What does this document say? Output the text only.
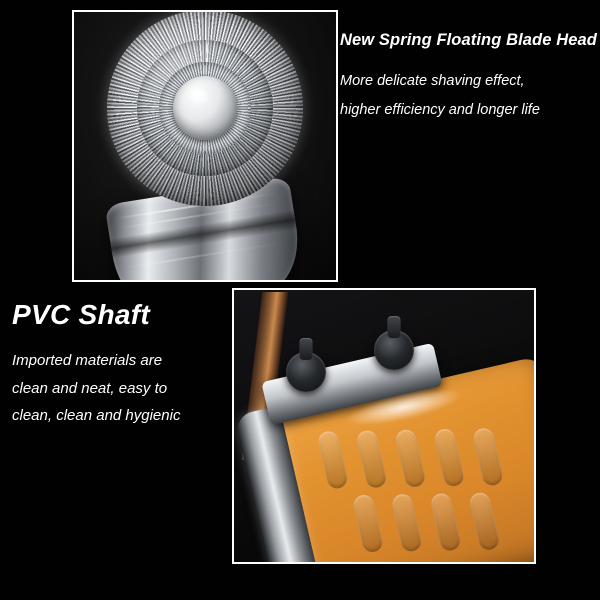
New Spring Floating Blade Head
More delicate shaving effect,
higher efficiency and longer life
PVC Shaft
Imported materials are
clean and neat, easy to
clean, clean and hygienic
